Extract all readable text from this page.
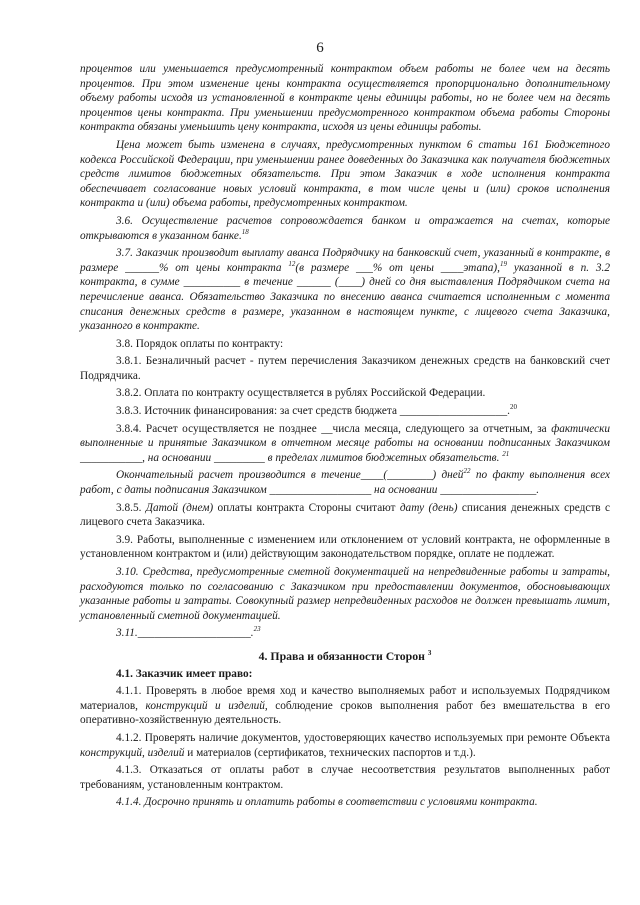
6

процентов или уменьшается предусмотренный контрактом объем работы не более чем на десять процентов. При этом изменение цены контракта осуществляется пропорционально дополнительному объему работы исходя из установленной в контракте цены единицы работы, но не более чем на десять процентов цены контракта. При уменьшении предусмотренного контрактом объема работы Стороны контракта обязаны уменьшить цену контракта, исходя из цены единицы работы.

Цена может быть изменена в случаях, предусмотренных пунктом 6 статьи 161 Бюджетного кодекса Российской Федерации, при уменьшении ранее доведенных до Заказчика как получателя бюджетных средств лимитов бюджетных обязательств. При этом Заказчик в ходе исполнения контракта обеспечивает согласование новых условий контракта, в том числе цены и (или) сроков исполнения контракта и (или) объема работы, предусмотренных контрактом.

3.6. Осуществление расчетов сопровождается банком и отражается на счетах, которые открываются в указанном банке.$^{18}$

3.7. Заказчик производит выплату аванса Подрядчику на банковский счет, указанный в контракте, в размере ______% от цены контракта $^{12}$(в размере ___% от цены ____этапа),$^{19}$ указанной в п. 3.2 контракта, в сумме __________ в течение ______ (____) дней со дня выставления Подрядчиком счета на перечисление аванса. Обязательство Заказчика по внесению аванса считается исполненным с момента списания денежных средств в размере, указанном в настоящем пункте, с лицевого счета Заказчика, указанного в контракте.

3.8. Порядок оплаты по контракту:

3.8.1. Безналичный расчет - путем перечисления Заказчиком денежных средств на банковский счет Подрядчика.

3.8.2. Оплата по контракту осуществляется в рублях Российской Федерации.

3.8.3. Источник финансирования: за счет средств бюджета ___________________.$^{20}$

3.8.4. Расчет осуществляется не позднее __числа месяца, следующего за отчетным, за фактически выполненные и принятые Заказчиком в отчетном месяце работы на основании подписанных Заказчиком ___________, на основании _________ в пределах лимитов бюджетных обязательств. $^{21}$

Окончательный расчет производится в течение____(________) дней$^{22}$ по факту выполнения всех работ, с даты подписания Заказчиком __________________ на основании _________________.

3.8.5. Датой (днем) оплаты контракта Стороны считают дату (день) списания денежных средств с лицевого счета Заказчика.

3.9. Работы, выполненные с изменением или отклонением от условий контракта, не оформленные в установленном контрактом и (или) действующим законодательством порядке, оплате не подлежат.

3.10. Средства, предусмотренные сметной документацией на непредвиденные работы и затраты, расходуются только по согласованию с Заказчиком при предоставлении документов, обосновывающих указанные работы и затраты. Совокупный размер непредвиденных расходов не должен превышать лимит, установленный сметной документацией.

3.11.____________________.$^{23}$

4. Права и обязанности Сторон $^3$

4.1. Заказчик имеет право:

4.1.1. Проверять в любое время ход и качество выполняемых работ и используемых Подрядчиком материалов, конструкций и изделий, соблюдение сроков выполнения работ без вмешательства в его оперативно-хозяйственную деятельность.

4.1.2. Проверять наличие документов, удостоверяющих качество используемых при ремонте Объекта конструкций, изделий и материалов (сертификатов, технических паспортов и т.д.).

4.1.3. Отказаться от оплаты работ в случае несоответствия результатов выполненных работ требованиям, установленным контрактом.

4.1.4. Досрочно принять и оплатить работы в соответствии с условиями контракта.
